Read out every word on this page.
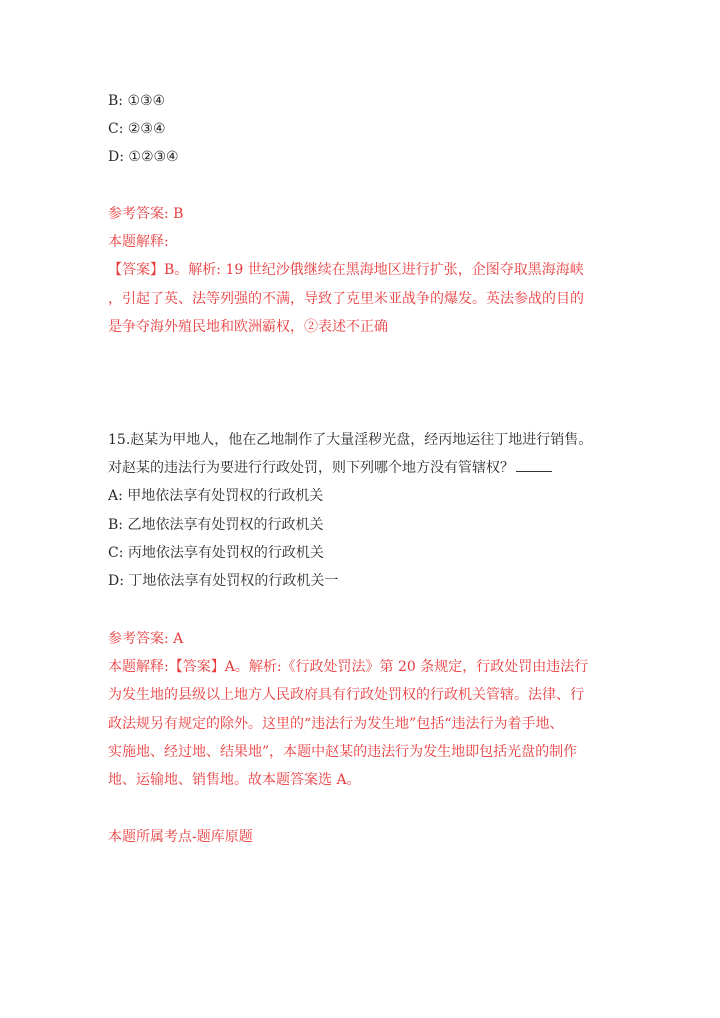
B: ①③④
C: ②③④
D: ①②③④
参考答案: B
本题解释:
【答案】B。解析: 19 世纪沙俄继续在黑海地区进行扩张，企图夺取黑海海峡
，引起了英、法等列强的不满，导致了克里米亚战争的爆发。英法参战的目的
是争夺海外殖民地和欧洲霸权，②表述不正确
15.赵某为甲地人，他在乙地制作了大量淫秽光盘，经丙地运往丁地进行销售。
对赵某的违法行为要进行行政处罚，则下列哪个地方没有管辖权？
A: 甲地依法享有处罚权的行政机关
B: 乙地依法享有处罚权的行政机关
C: 丙地依法享有处罚权的行政机关
D: 丁地依法享有处罚权的行政机关一
参考答案: A
本题解释:【答案】A。解析:《行政处罚法》第 20 条规定，行政处罚由违法行
为发生地的县级以上地方人民政府具有行政处罚权的行政机关管辖。法律、行
政法规另有规定的除外。这里的“违法行为发生地”包括“违法行为着手地、
实施地、经过地、结果地”，本题中赵某的违法行为发生地即包括光盘的制作
地、运输地、销售地。故本题答案选 A。
本题所属考点-题库原题
